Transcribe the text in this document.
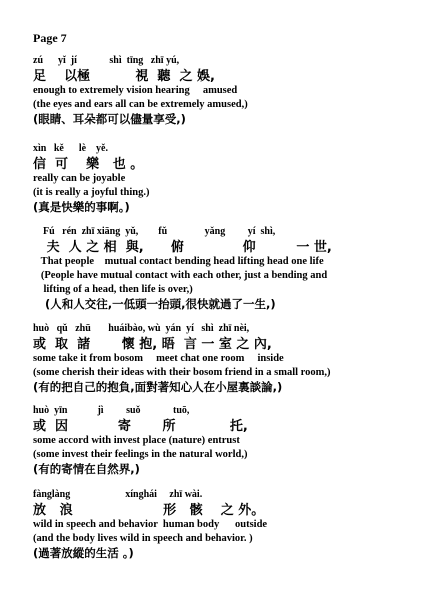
Page 7
zú      yǐ  jí             shì  tīng   zhī yú,
足    以極          視  聽  之 娛,
enough to extremely vision hearing     amused
(the eyes and ears all can be extremely amused,)
(眼睛、耳朵都可以儘量享受,)
xìn   kě      lè    yě.
信  可    樂   也 。
really can be joyable
(it is really a joyful thing.)
(真是快樂的事啊。)
Fú   rén  zhī xiāng  yǔ,        fǔ               yǎng         yí  shì,
夫  人 之 相  與,      俯             仰         一 世,
That people    mutual contact bending head lifting head one life
(People have mutual contact with each other, just a bending and
lifting of a head, then life is over,)
(人和人交往,一低頭一抬頭,很快就過了一生,)
huò   qǔ   zhū       huáibào, wù  yán  yí   shì  zhī nèi,
或  取  諸       懷 抱, 晤  言 一 室 之 內,
some take it from bosom     meet chat one room     inside
(some cherish their ideas with their bosom friend in a small room,)
(有的把自己的抱負,面對著知心人在小屋裏談論,)
huò  yīn            jì         suǒ             tuō,
或  因           寄       所            托,
some accord with invest place (nature) entrust
(some invest their feelings in the natural world,)
(有的寄情在自然界,)
fànglàng                      xínghái     zhī wài.
放   浪                    形   骸    之 外。
wild in speech and behavior  human body      outside
(and the body lives wild in speech and behavior. )
(過著放縱的生活 。)
